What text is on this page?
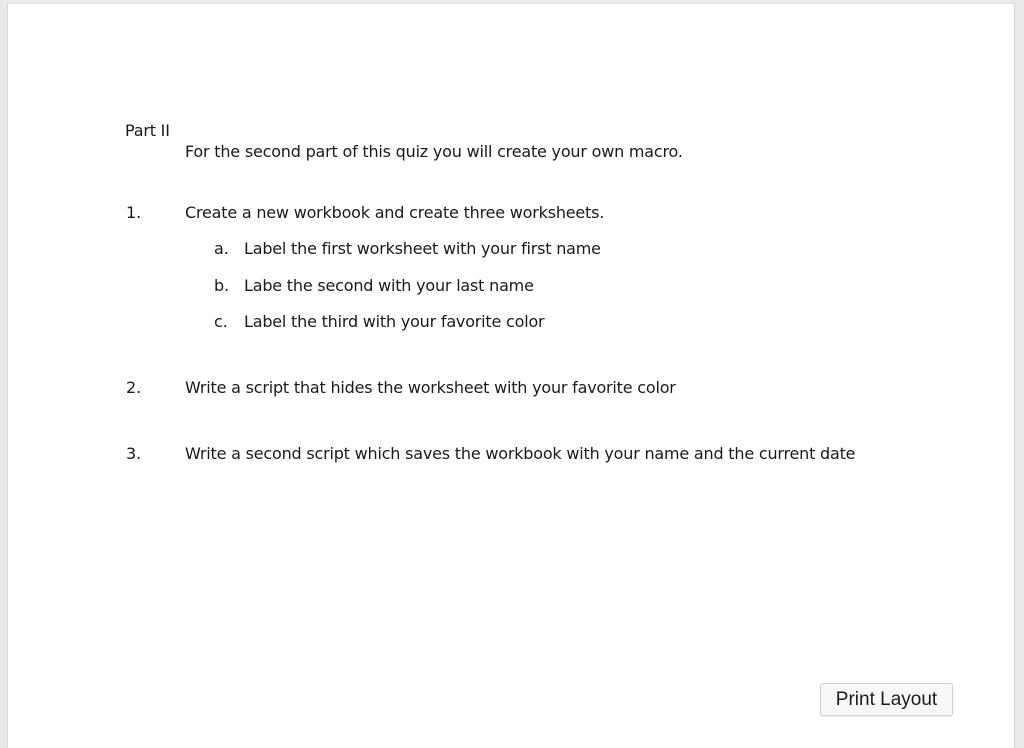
Part II
For the second part of this quiz you will create your own macro.
1.	Create a new workbook and create three worksheets.
a. Label the first worksheet with your first name
b. Labe the second with your last name
c. Label the third with your favorite color
2.	Write a script that hides the worksheet with your favorite color
3.	Write a second script which saves the workbook with your name and the current date
Print Layout
